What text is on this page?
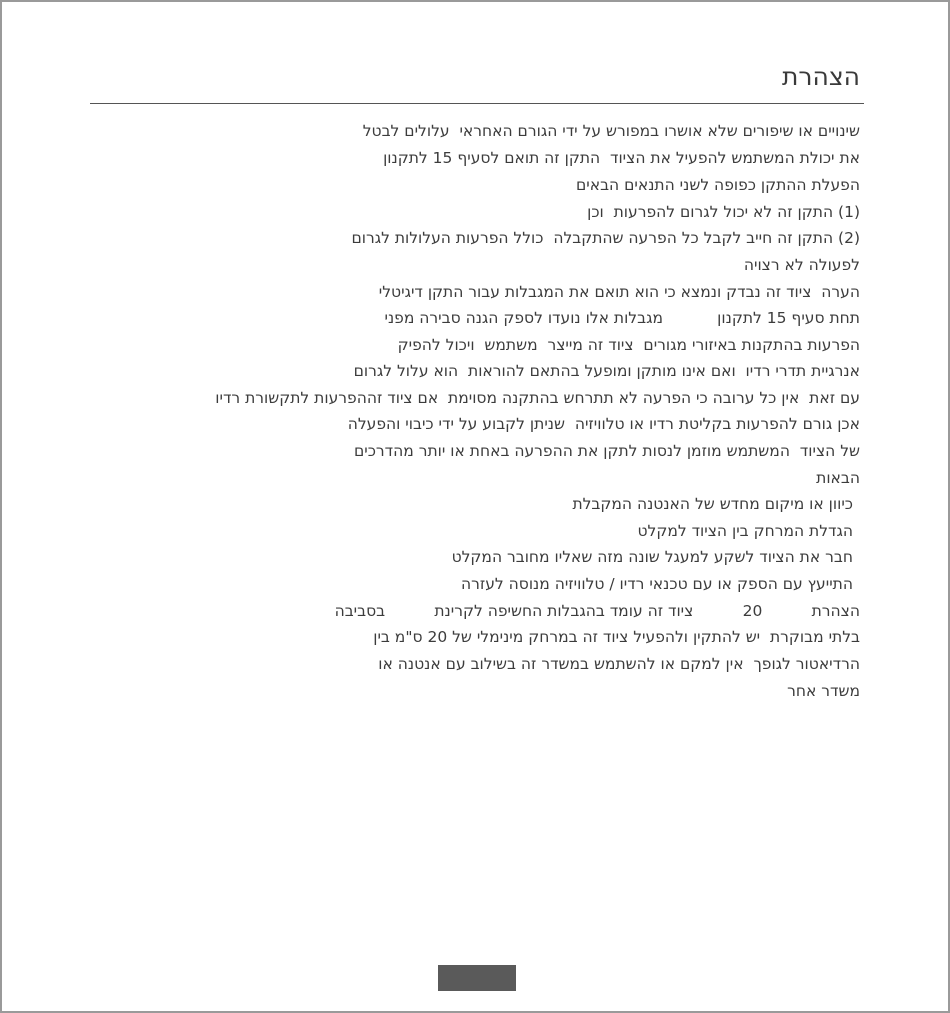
הצהרת
שינויים או שיפורים שלא אושרו במפורש על ידי הגורם האחראי  עלולים לבטל
את יכולת המשתמש להפעיל את הציוד  התקן זה תואם לסעיף 15 לתקנון
הפעלת ההתקן כפופה לשני התנאים הבאים
(1) התקן זה לא יכול לגרום להפרעות  וכן
(2) התקן זה חייב לקבל כל הפרעה שהתקבלה  כולל הפרעות העלולות לגרום
לפעולה לא רצויה
הערה  ציוד זה נבדק ונמצא כי הוא תואם את המגבלות עבור התקן דיגיטלי
תחת סעיף 15 לתקנון           מגבלות אלו נועדו לספק הגנה סבירה מפני
הפרעות בהתקנות באיזורי מגורים  ציוד זה מייצר  משתמש  ויכול להפיק
אנרגיית תדרי רדיו  ואם אינו מותקן ומופעל בהתאם להוראות  הוא עלול לגרום
עם זאת  אין כל ערובה כי הפרעה לא תתרחש בהתקנה מסוימת  אם ציוד זההפרעות לתקשורת רדיו
אכן גורם להפרעות בקליטת רדיו או טלוויזיה  שניתן לקבוע על ידי כיבוי והפעלה
של הציוד  המשתמש מוזמן לנסות לתקן את ההפרעה באחת או יותר מהדרכים
הבאות
כיוון או מיקום מחדש של האנטנה המקבלת
הגדלת המרחק בין הציוד למקלט
חבר את הציוד לשקע למעגל שונה מזה שאליו מחובר המקלט
התייעץ עם הספק או עם טכנאי רדיו / טלוויזיה מנוסה לעזרה
הצהרת          20          ציוד זה עומד בהגבלות החשיפה לקרינת          בסביבה
בלתי מבוקרת  יש להתקין ולהפעיל ציוד זה במרחק מינימלי של 20 ס"מ בין
הרדיאטור לגופך  אין למקם או להשתמש במשדר זה בשילוב עם אנטנה או
משדר אחר
